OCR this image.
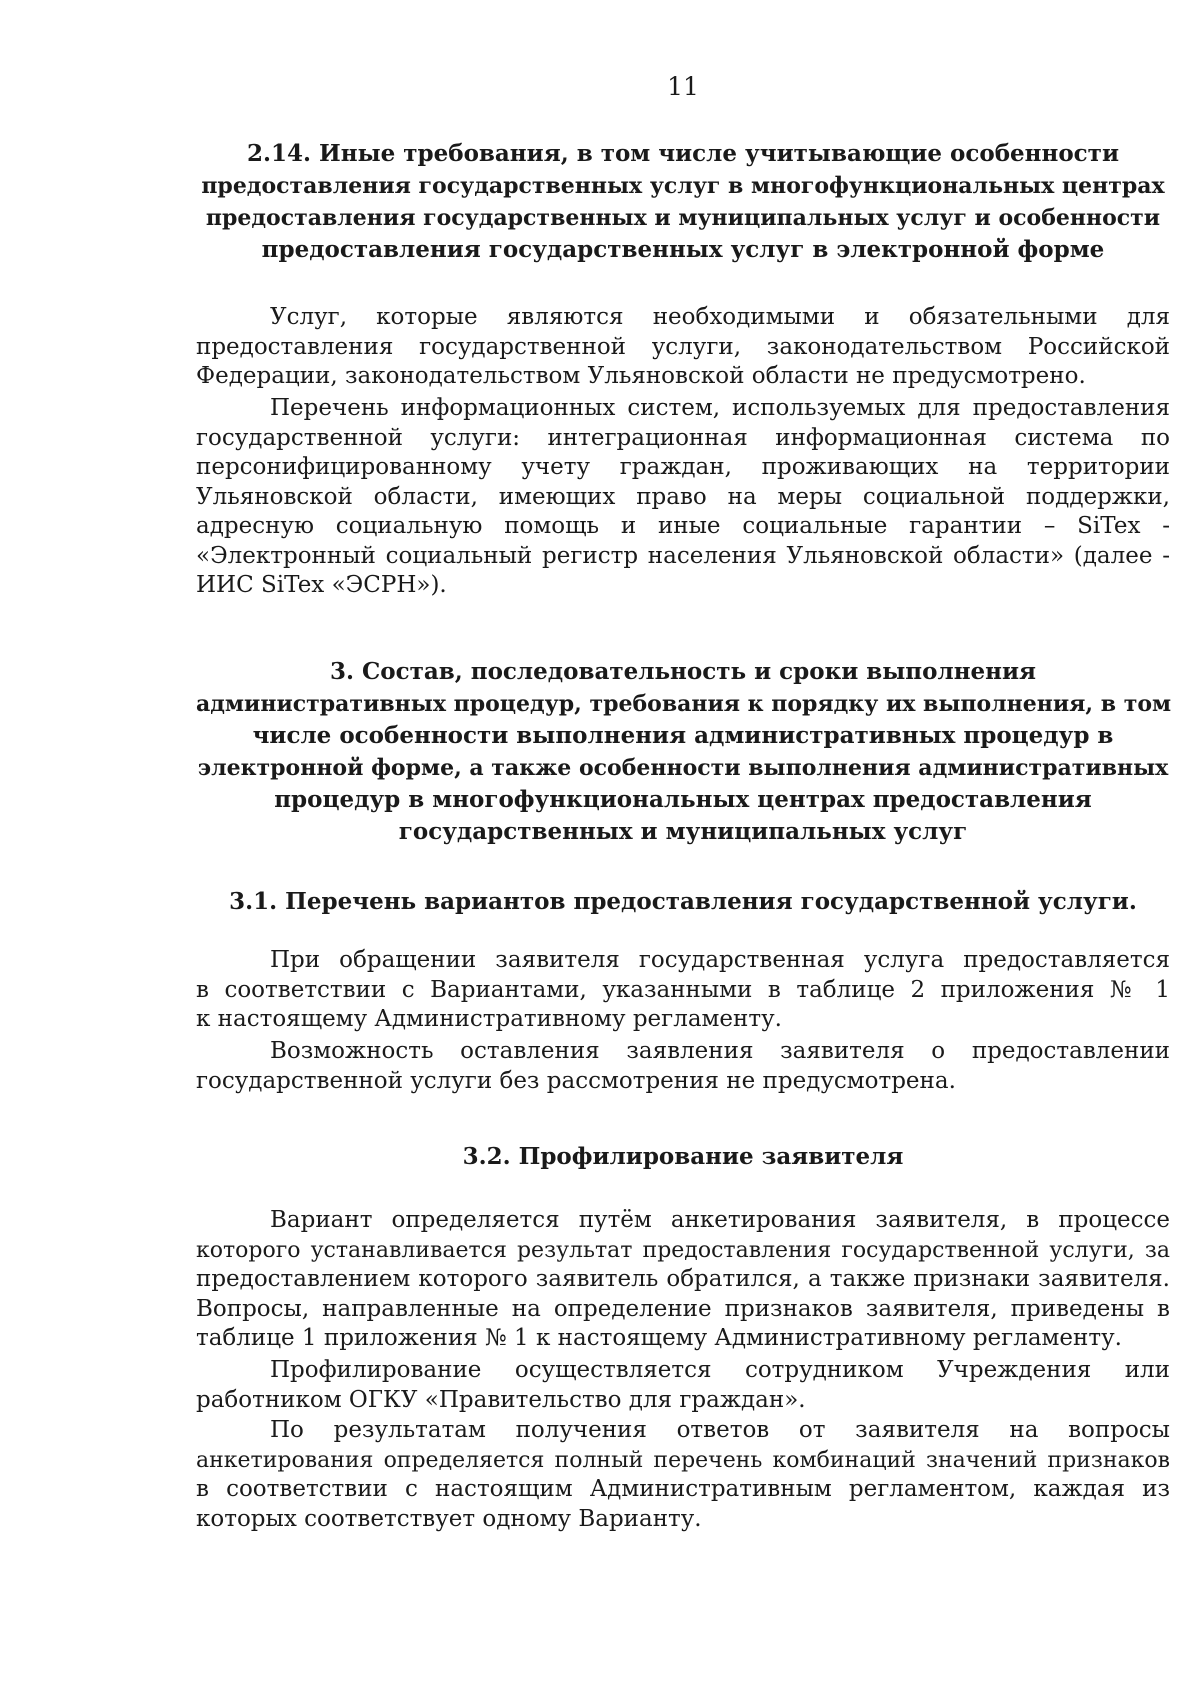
11
2.14. Иные требования, в том числе учитывающие особенности
предоставления государственных услуг в многофункциональных центрах
предоставления государственных и муниципальных услуг и особенности
предоставления государственных услуг в электронной форме

Услуг, которые являются необходимыми и обязательными для
предоставления государственной услуги, законодательством Российской
Федерации, законодательством Ульяновской области не предусмотрено.

Перечень информационных систем, используемых для предоставления
государственной услуги: интеграционная информационная система по
персонифицированному учету граждан, проживающих на территории
Ульяновской области, имеющих право на меры социальной поддержки,
адресную социальную помощь и иные социальные гарантии – SiTex -
«Электронный социальный регистр населения Ульяновской области» (далее -
ИИС SiTex «ЭСРН»).

3. Состав, последовательность и сроки выполнения
административных процедур, требования к порядку их выполнения, в том
числе особенности выполнения административных процедур в
электронной форме, а также особенности выполнения административных
процедур в многофункциональных центрах предоставления
государственных и муниципальных услуг
3.1. Перечень вариантов предоставления государственной услуги.

При обращении заявителя государственная услуга предоставляется
в соответствии с Вариантами, указанными в таблице 2 приложения № 1
к настоящему Административному регламенту.

Возможность оставления заявления заявителя о предоставлении
государственной услуги без рассмотрения не предусмотрена.

3.2. Профилирование заявителя

Вариант определяется путём анкетирования заявителя, в процессе
которого устанавливается результат предоставления государственной услуги, за
предоставлением которого заявитель обратился, а также признаки заявителя.
Вопросы, направленные на определение признаков заявителя, приведены в
таблице 1 приложения № 1 к настоящему Административному регламенту.

Профилирование осуществляется сотрудником Учреждения или
работником ОГКУ «Правительство для граждан».

По результатам получения ответов от заявителя на вопросы
анкетирования определяется полный перечень комбинаций значений признаков
в соответствии с настоящим Административным регламентом, каждая из
которых соответствует одному Варианту.
